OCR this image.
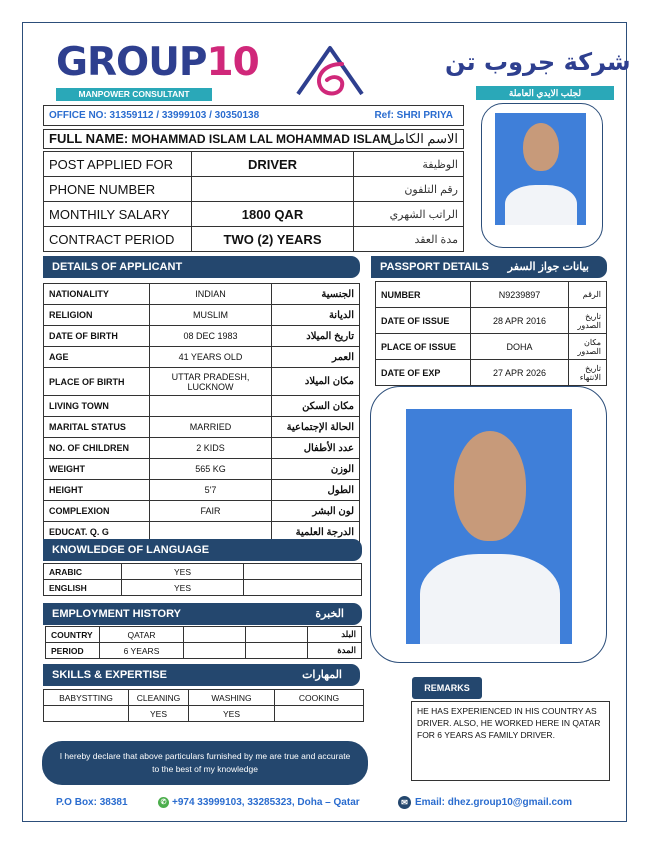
GROUP10
MANPOWER CONSULTANT
شركة جروب تن
لجلب الايدي العاملة
OFFICE NO: 31359112 / 33999103 / 30350138	Ref: SHRI PRIYA
FULL NAME: MOHAMMAD ISLAM LAL MOHAMMAD ISLAM
الاسم الكامل
POST APPLIED FOR	DRIVER	الوظيفة
PHONE NUMBER		رقم التلفون
MONTHILY SALARY	1800 QAR	الراتب الشهري
CONTRACT PERIOD	TWO (2) YEARS	مدة العقد
DETAILS OF APPLICANT
NATIONALITY	INDIAN	الجنسية
RELIGION	MUSLIM	الديانة
DATE OF BIRTH	08 DEC 1983	تاريخ الميلاد
AGE	41 YEARS OLD	العمر
PLACE OF BIRTH	UTTAR PRADESH, LUCKNOW	مكان الميلاد
LIVING TOWN		مكان السكن
MARITAL STATUS	MARRIED	الحالة الإجتماعية
NO. OF CHILDREN	2 KIDS	عدد الأطفال
WEIGHT	565 KG	الوزن
HEIGHT	5'7	الطول
COMPLEXION	FAIR	لون البشر
EDUCAT. Q. G		الدرجة العلمية
PASSPORT DETAILS بيانات جواز السفر
NUMBER	N9239897	الرقم
DATE OF ISSUE	28 APR 2016	تاريخ الصدور
PLACE OF ISSUE	DOHA	مكان الصدور
DATE OF EXP	27 APR 2026	تاريخ الانتهاء
KNOWLEDGE OF LANGUAGE
ARABIC	YES	
ENGLISH	YES	
EMPLOYMENT HISTORY	الخبرة
COUNTRY	QATAR			البلد
PERIOD	6 YEARS			المدة
SKILLS & EXPERTISE	المهارات
BABYSTTING	CLEANING	WASHING	COOKING
	YES	YES	
REMARKS
HE HAS EXPERIENCED IN HIS COUNTRY AS DRIVER. ALSO, HE WORKED HERE IN QATAR FOR 6 YEARS AS FAMILY DRIVER.
I hereby declare that above particulars furnished by me are true and accurate to the best of my knowledge
P.O Box: 38381	✆ +974 33999103, 33285323, Doha – Qatar	✉ Email: dhez.group10@gmail.com
